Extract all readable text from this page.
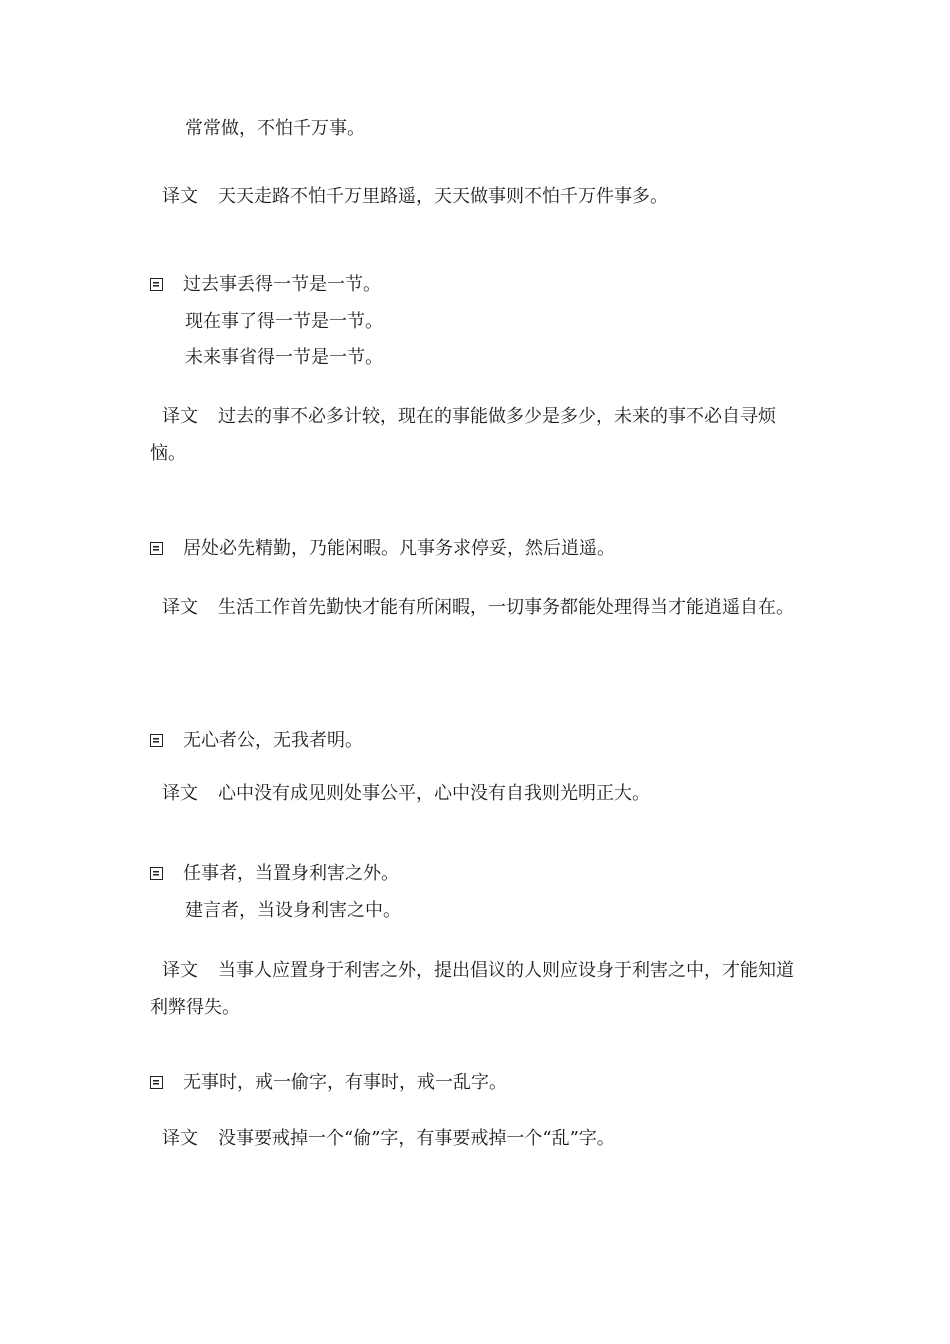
常常做，不怕千万事。
译文 天天走路不怕千万里路遥，天天做事则不怕千万件事多。
过去事丢得一节是一节。
现在事了得一节是一节。
未来事省得一节是一节。
译文 过去的事不必多计较，现在的事能做多少是多少，未来的事不必自寻烦恼。
居处必先精勤，乃能闲暇。凡事务求停妥，然后逍遥。
译文 生活工作首先勤快才能有所闲暇，一切事务都能处理得当才能逍遥自在。
无心者公，无我者明。
译文 心中没有成见则处事公平，心中没有自我则光明正大。
任事者，当置身利害之外。
建言者，当设身利害之中。
译文 当事人应置身于利害之外，提出倡议的人则应设身于利害之中，才能知道利弊得失。
无事时，戒一偷字，有事时，戒一乱字。
译文 没事要戒掉一个“偷”字，有事要戒掉一个“乱”字。
